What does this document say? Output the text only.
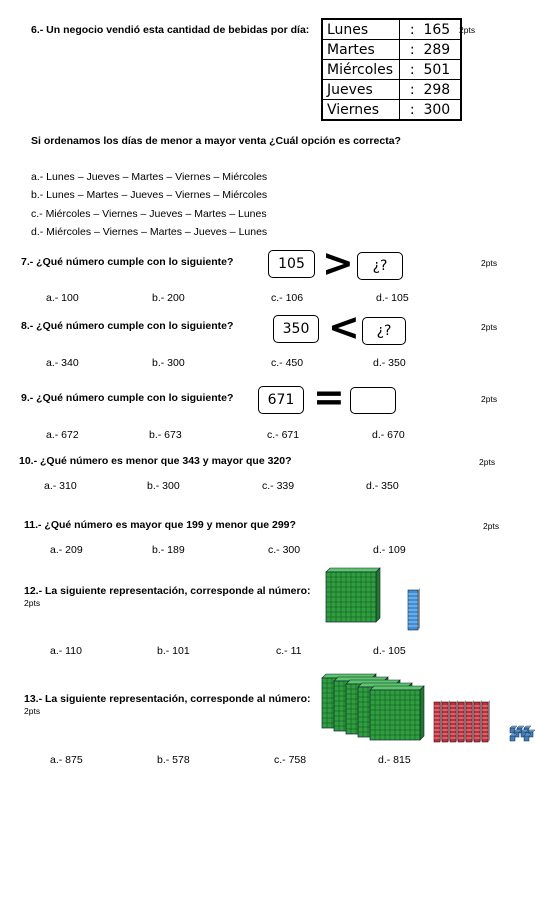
6.- Un negocio vendió esta cantidad de bebidas por día:	2pts
Lunes	: 165
Martes	: 289
Miércoles	: 501
Jueves	: 298
Viernes	: 300
Si ordenamos los días de menor a mayor venta ¿Cuál opción es correcta?
a.- Lunes – Jueves – Martes – Viernes – Miércoles
b.- Lunes – Martes – Jueves – Viernes – Miércoles
c.- Miércoles – Viernes – Jueves – Martes – Lunes
d.- Miércoles – Viernes – Martes – Jueves – Lunes
7.- ¿Qué número cumple con lo siguiente?	105 >	¿?	2pts
a.- 100	b.- 200	c.- 106	d.- 105
8.- ¿Qué número cumple con lo siguiente?	350 <	¿?	2pts
a.- 340	b.- 300	c.- 450	d.- 350
9.- ¿Qué número cumple con lo siguiente?	671 =	2pts
a.- 672	b.- 673	c.- 671	d.- 670
10.- ¿Qué número es menor que 343 y mayor que 320?	2pts
a.- 310	b.- 300	c.- 339	d.- 350
11.- ¿Qué número es mayor que 199 y menor que 299?	2pts
a.- 209	b.- 189	c.- 300	d.- 109
12.- La siguiente representación, corresponde al número:
2pts
a.- 110	b.- 101	c.- 11	d.- 105
13.- La siguiente representación, corresponde al número:
2pts
a.- 875	b.- 578	c.- 758	d.- 815
